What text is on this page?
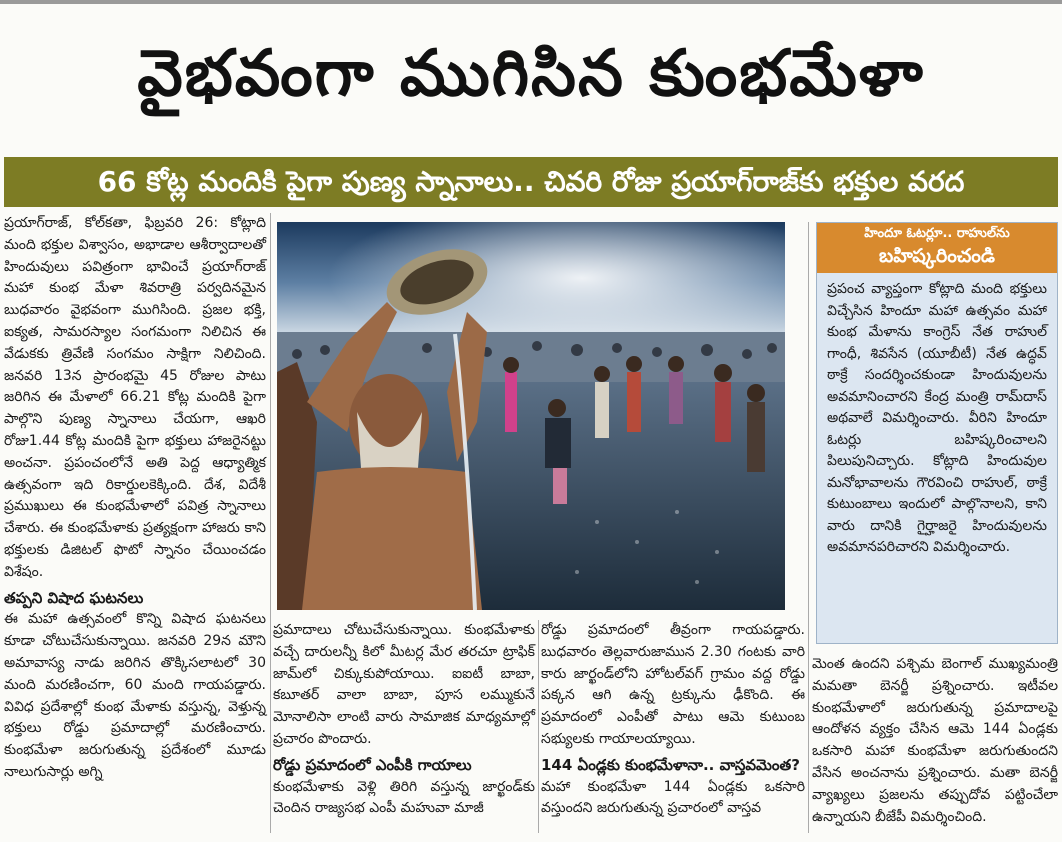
వైభవంగా ముగిసిన కుంభమేళా
66 కోట్ల మందికి పైగా పుణ్య స్నానాలు.. చివరి రోజు ప్రయాగ్‌రాజ్‌కు భక్తుల వరద

ప్రయాగ్‌రాజ్, కోల్‌కతా, ఫిబ్రవరి 26: కోట్లాది మంది భక్తుల విశ్వాసం, అభాడాల ఆశీర్వాదాలతో హిందువులు పవిత్రంగా భావించే ప్రయాగ్‌రాజ్ మహా కుంభ మేళా శివరాత్రి పర్వదినమైన బుధవారం వైభవంగా ముగిసింది. ప్రజల భక్తి, ఐక్యత, సామరస్యాల సంగమంగా నిలిచిన ఈ వేడుకకు త్రివేణి సంగమం సాక్షిగా నిలిచింది. జనవరి 13న ప్రారంభమై 45 రోజుల పాటు జరిగిన ఈ మేళాలో 66.21 కోట్ల మందికి పైగా పాల్గొని పుణ్య స్నానాలు చేయగా, ఆఖరి రోజు1.44 కోట్ల మందికి పైగా భక్తులు హాజరైనట్టు అంచనా. ప్రపంచంలోనే అతి పెద్ద ఆధ్యాత్మిక ఉత్సవంగా ఇది రికార్డులకెక్కింది. దేశ, విదేశీ ప్రముఖులు ఈ కుంభమేళాలో పవిత్ర స్నానాలు చేశారు. ఈ కుంభమేళాకు ప్రత్యక్షంగా హాజరు కాని భక్తులకు డిజిటల్ ఫొటో స్నానం చేయించడం విశేషం.

తప్పని విషాద ఘటనలు

ఈ మహా ఉత్సవంలో కొన్ని విషాద ఘటనలు కూడా చోటుచేసుకున్నాయి. జనవరి 29న మౌని అమావాస్య నాడు జరిగిన తొక్కిసలాటలో 30 మంది మరణించగా, 60 మంది గాయపడ్డారు. వివిధ ప్రదేశాల్లో కుంభ మేళాకు వస్తున్న, వెళ్తున్న భక్తులు రోడ్డు ప్రమాదాల్లో మరణించారు. కుంభమేళా జరుగుతున్న ప్రదేశంలో మూడు నాలుగుసార్లు అగ్ని

ప్రమాదాలు చోటుచేసుకున్నాయి. కుంభమేళాకు వచ్చే దారులన్నీ కిలో మీటర్ల మేర తరచూ ట్రాఫిక్ జామ్‌లో చిక్కుకుపోయాయి. ఐఐటీ బాబా, కబూతర్ వాలా బాబా, పూస లమ్ముకునే మోనాలిసా లాంటి వారు సామాజిక మాధ్యమాల్లో ప్రచారం పొందారు.

రోడ్డు ప్రమాదంలో ఎంపీకి గాయాలు

కుంభమేళాకు వెళ్లి తిరిగి వస్తున్న జార్ఖండ్‌కు చెందిన రాజ్యసభ ఎంపీ మహువా మాజీ

రోడ్డు ప్రమాదంలో తీవ్రంగా గాయపడ్డారు. బుధవారం తెల్లవారుజామున 2.30 గంటకు వారి కారు జార్ఖండ్‌లోని హోటల్‌వగ్ గ్రామం వద్ద రోడ్డు పక్కన ఆగి ఉన్న ట్రక్కును ఢీకొంది. ఈ ప్రమాదంలో ఎంపీతో పాటు ఆమె కుటుంబ సభ్యులకు గాయాలయ్యాయి.

144 ఏండ్లకు కుంభమేళానా.. వాస్తవమెంత?

మహా కుంభమేళా 144 ఏండ్లకు ఒకసారి వస్తుందని జరుగుతున్న ప్రచారంలో వాస్తవ

హిందూ ఓటర్లూ.. రాహుల్‌ను
బహిష్కరించండి
ప్రపంచ వ్యాప్తంగా కోట్లాది మంది భక్తులు విచ్చేసిన హిందూ మహా ఉత్సవం మహా కుంభ మేళాను కాంగ్రెస్ నేత రాహుల్ గాంధీ, శివసేన (యూబీటీ) నేత ఉద్ధవ్ ఠాక్రే సందర్శించకుండా హిందువులను అవమానించారని కేంద్ర మంత్రి రామ్‌దాస్ అథవాలే విమర్శించారు. వీరిని హిందూ ఓటర్లు బహిష్కరించాలని పిలుపునిచ్చారు. కోట్లాది హిందువుల మనోభావాలను గౌరవించి రాహుల్, ఠాక్రే కుటుంబాలు ఇందులో పాల్గొనాలని, కాని వారు దానికి గైర్హాజరై హిందువులను అవమానపరిచారని విమర్శించారు.

మెంత ఉందని పశ్చిమ బెంగాల్ ముఖ్యమంత్రి మమతా బెనర్జీ ప్రశ్నించారు. ఇటీవల కుంభమేళాలో జరుగుతున్న ప్రమాదాలపై ఆందోళన వ్యక్తం చేసిన ఆమె 144 ఏండ్లకు ఒకసారి మహా కుంభమేళా జరుగుతుందని వేసిన అంచనాను ప్రశ్నించారు. మతా బెనర్జీ వ్యాఖ్యలు ప్రజలను తప్పుదోవ పట్టించేలా ఉన్నాయని బీజేపీ విమర్శించింది.
